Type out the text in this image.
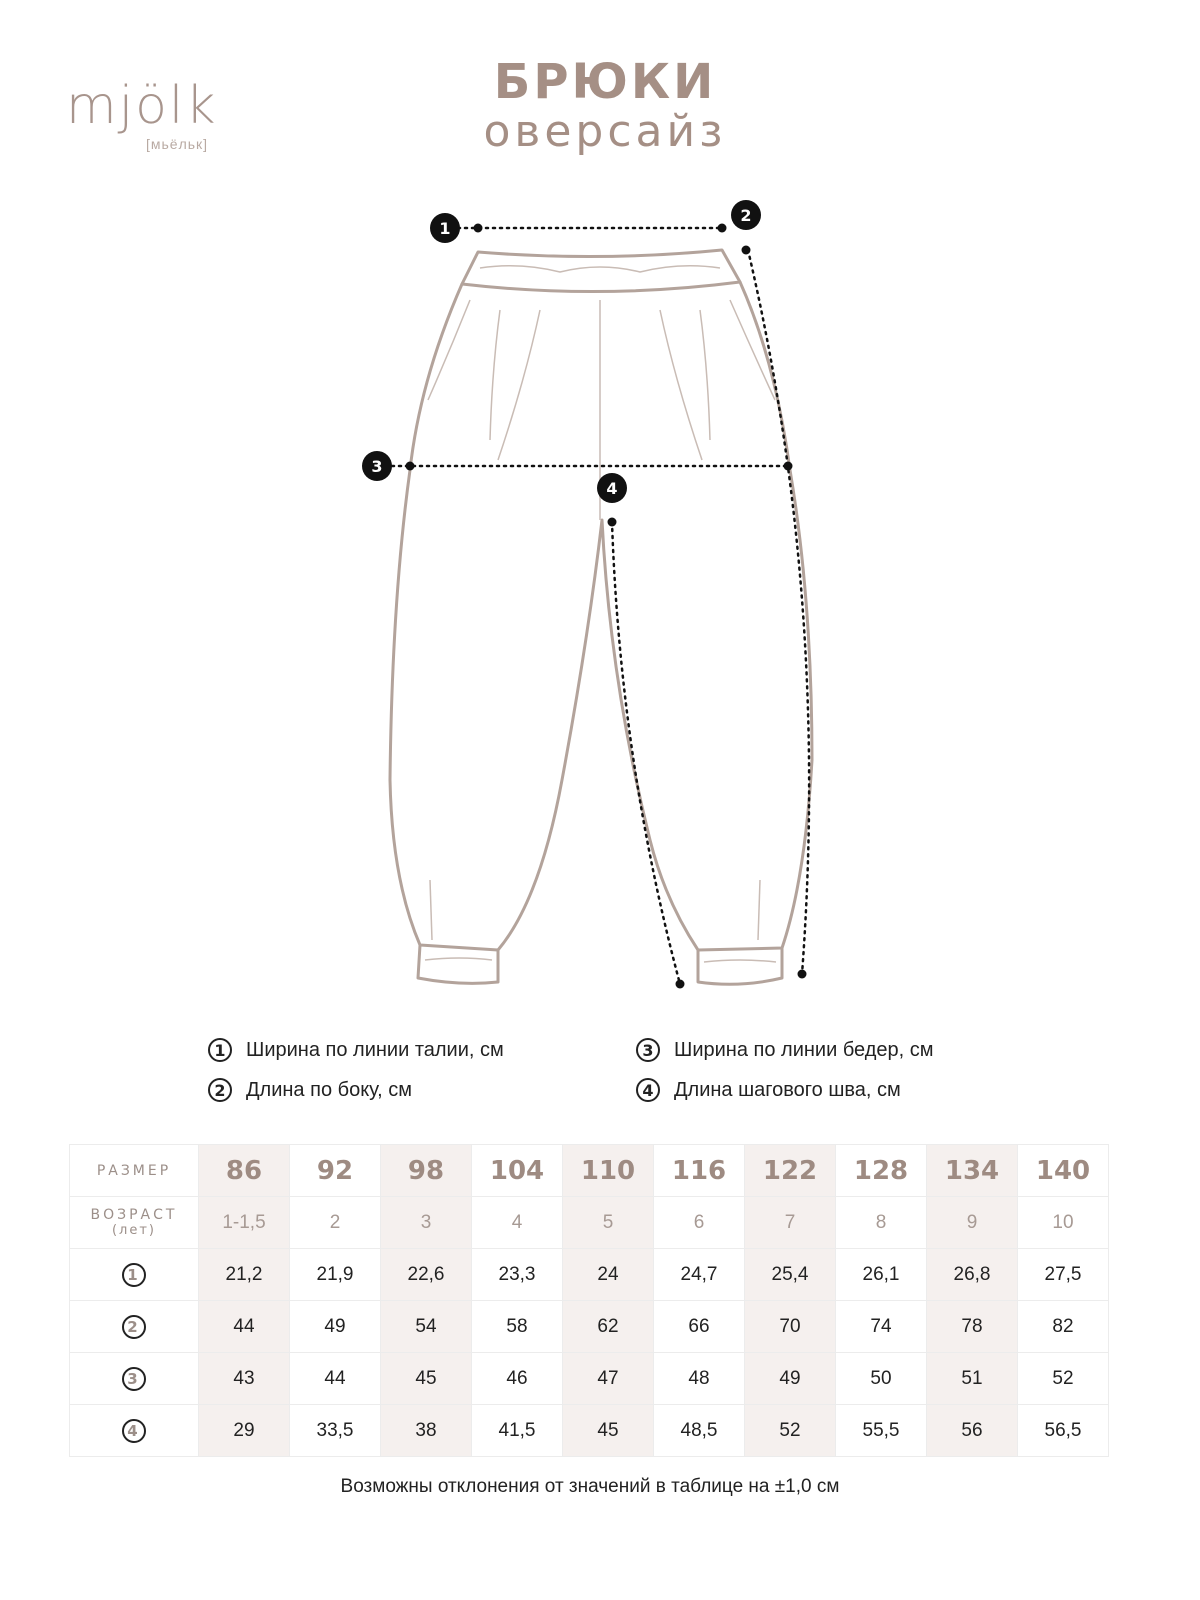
mjölk
[мьёльк]
БРЮКИ
оверсайз
1
2
3
4
1	Ширина по линии талии, см
2	Длина по боку, см
3	Ширина по линии бедер, см
4	Длина шагового шва, см
РАЗМЕР	86	92	98	104	110	116	122	128	134	140
ВОЗРАСТ
(лет)	1-1,5	2	3	4	5	6	7	8	9	10
1	21,2	21,9	22,6	23,3	24	24,7	25,4	26,1	26,8	27,5
2	44	49	54	58	62	66	70	74	78	82
3	43	44	45	46	47	48	49	50	51	52
4	29	33,5	38	41,5	45	48,5	52	55,5	56	56,5
Возможны отклонения от значений в таблице на ±1,0 см
